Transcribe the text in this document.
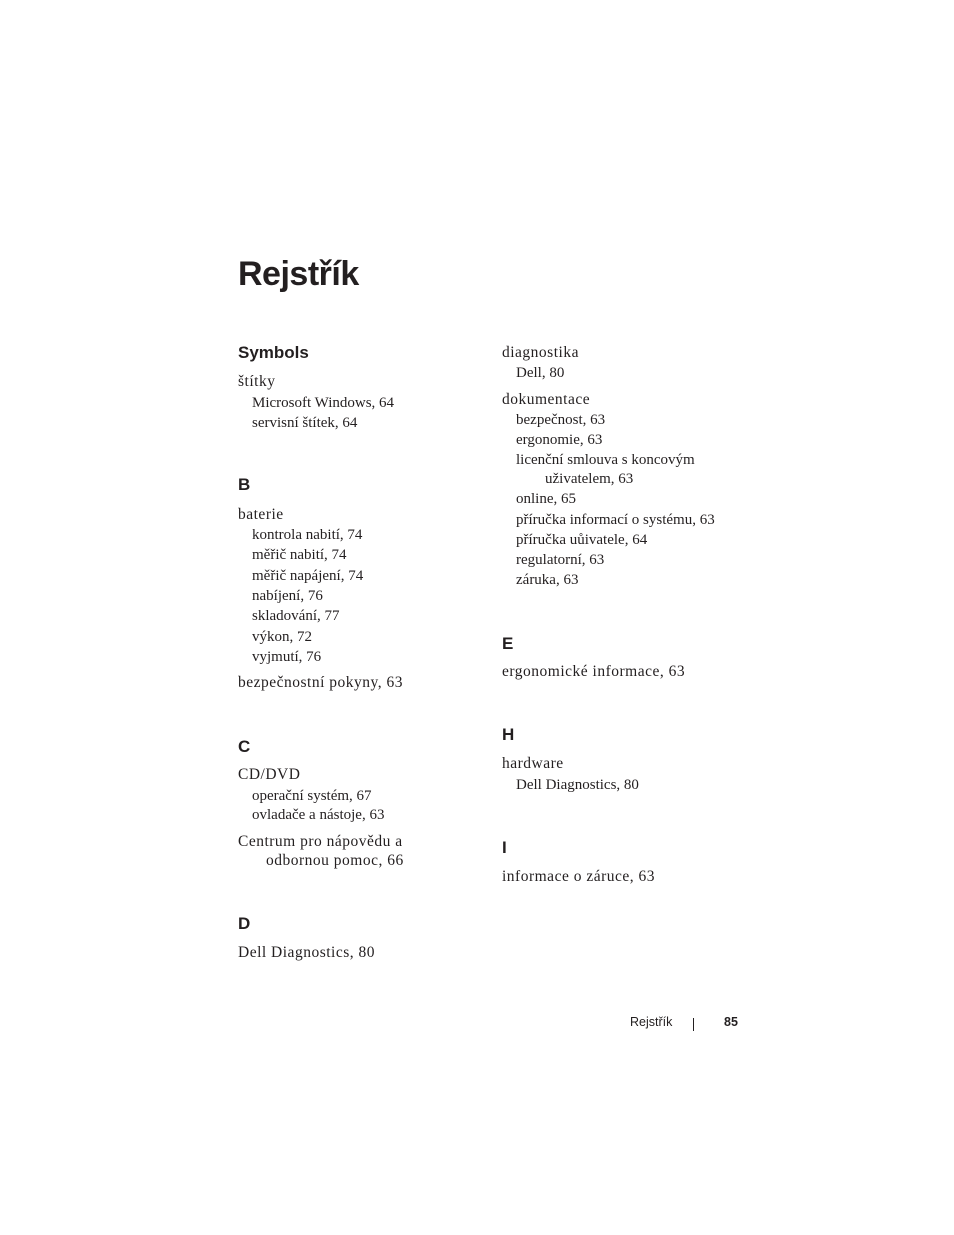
Rejstřík
Symbols
štítky
Microsoft Windows, 64
servisní štítek, 64
B
baterie
kontrola nabití, 74
měřič nabití, 74
měřič napájení, 74
nabíjení, 76
skladování, 77
výkon, 72
vyjmutí, 76
bezpečnostní pokyny, 63
C
CD/DVD
operační systém, 67
ovladače a nástoje, 63
Centrum pro nápovědu a
odbornou pomoc, 66
D
Dell Diagnostics, 80
diagnostika
Dell, 80
dokumentace
bezpečnost, 63
ergonomie, 63
licenční smlouva s koncovým
uživatelem, 63
online, 65
příručka informací o systému, 63
příručka uůivatele, 64
regulatorní, 63
záruka, 63
E
ergonomické informace, 63
H
hardware
Dell Diagnostics, 80
I
informace o záruce, 63
Rejstřík	85
